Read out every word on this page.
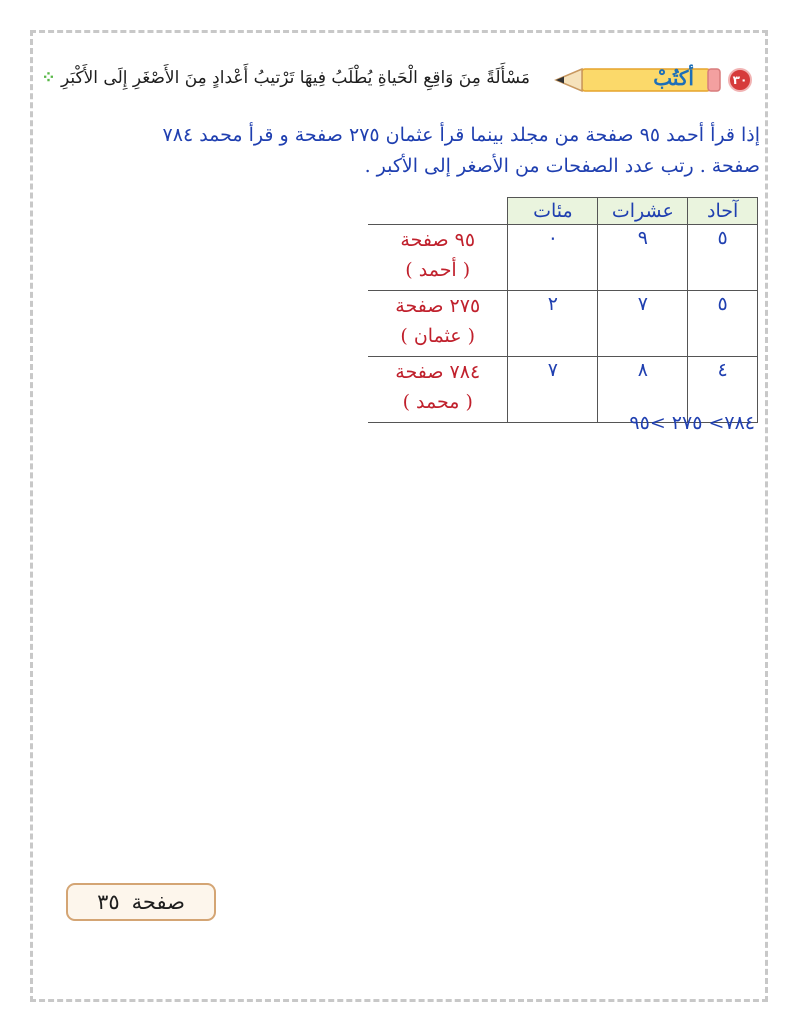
٣٠
أكتُبْ
مَسْأَلَةً مِنَ وَاقِعِ الْحَياةِ يُطْلَبُ فِيهَا تَرْتيبُ أَعْدادٍ مِنَ الأَصْغَرِ إِلَى الأَكْبَرِ ⁘
إذا قرأ أحمد ٩٥ صفحة من مجلد بينما قرأ عثمان ٢٧٥ صفحة و قرأ محمد ٧٨٤
صفحة . رتب عدد الصفحات من الأصغر إلى الأكبر .
آحاد	عشرات	مئات	
٥	٩	٠	٩٥ صفحة
( أحمد )

٥	٧	٢	٢٧٥ صفحة
( عثمان )

٤	٨	٧	٧٨٤ صفحة
( محمد )
٧٨٤> ٢٧٥ >٩٥
صفحة
٣٥
